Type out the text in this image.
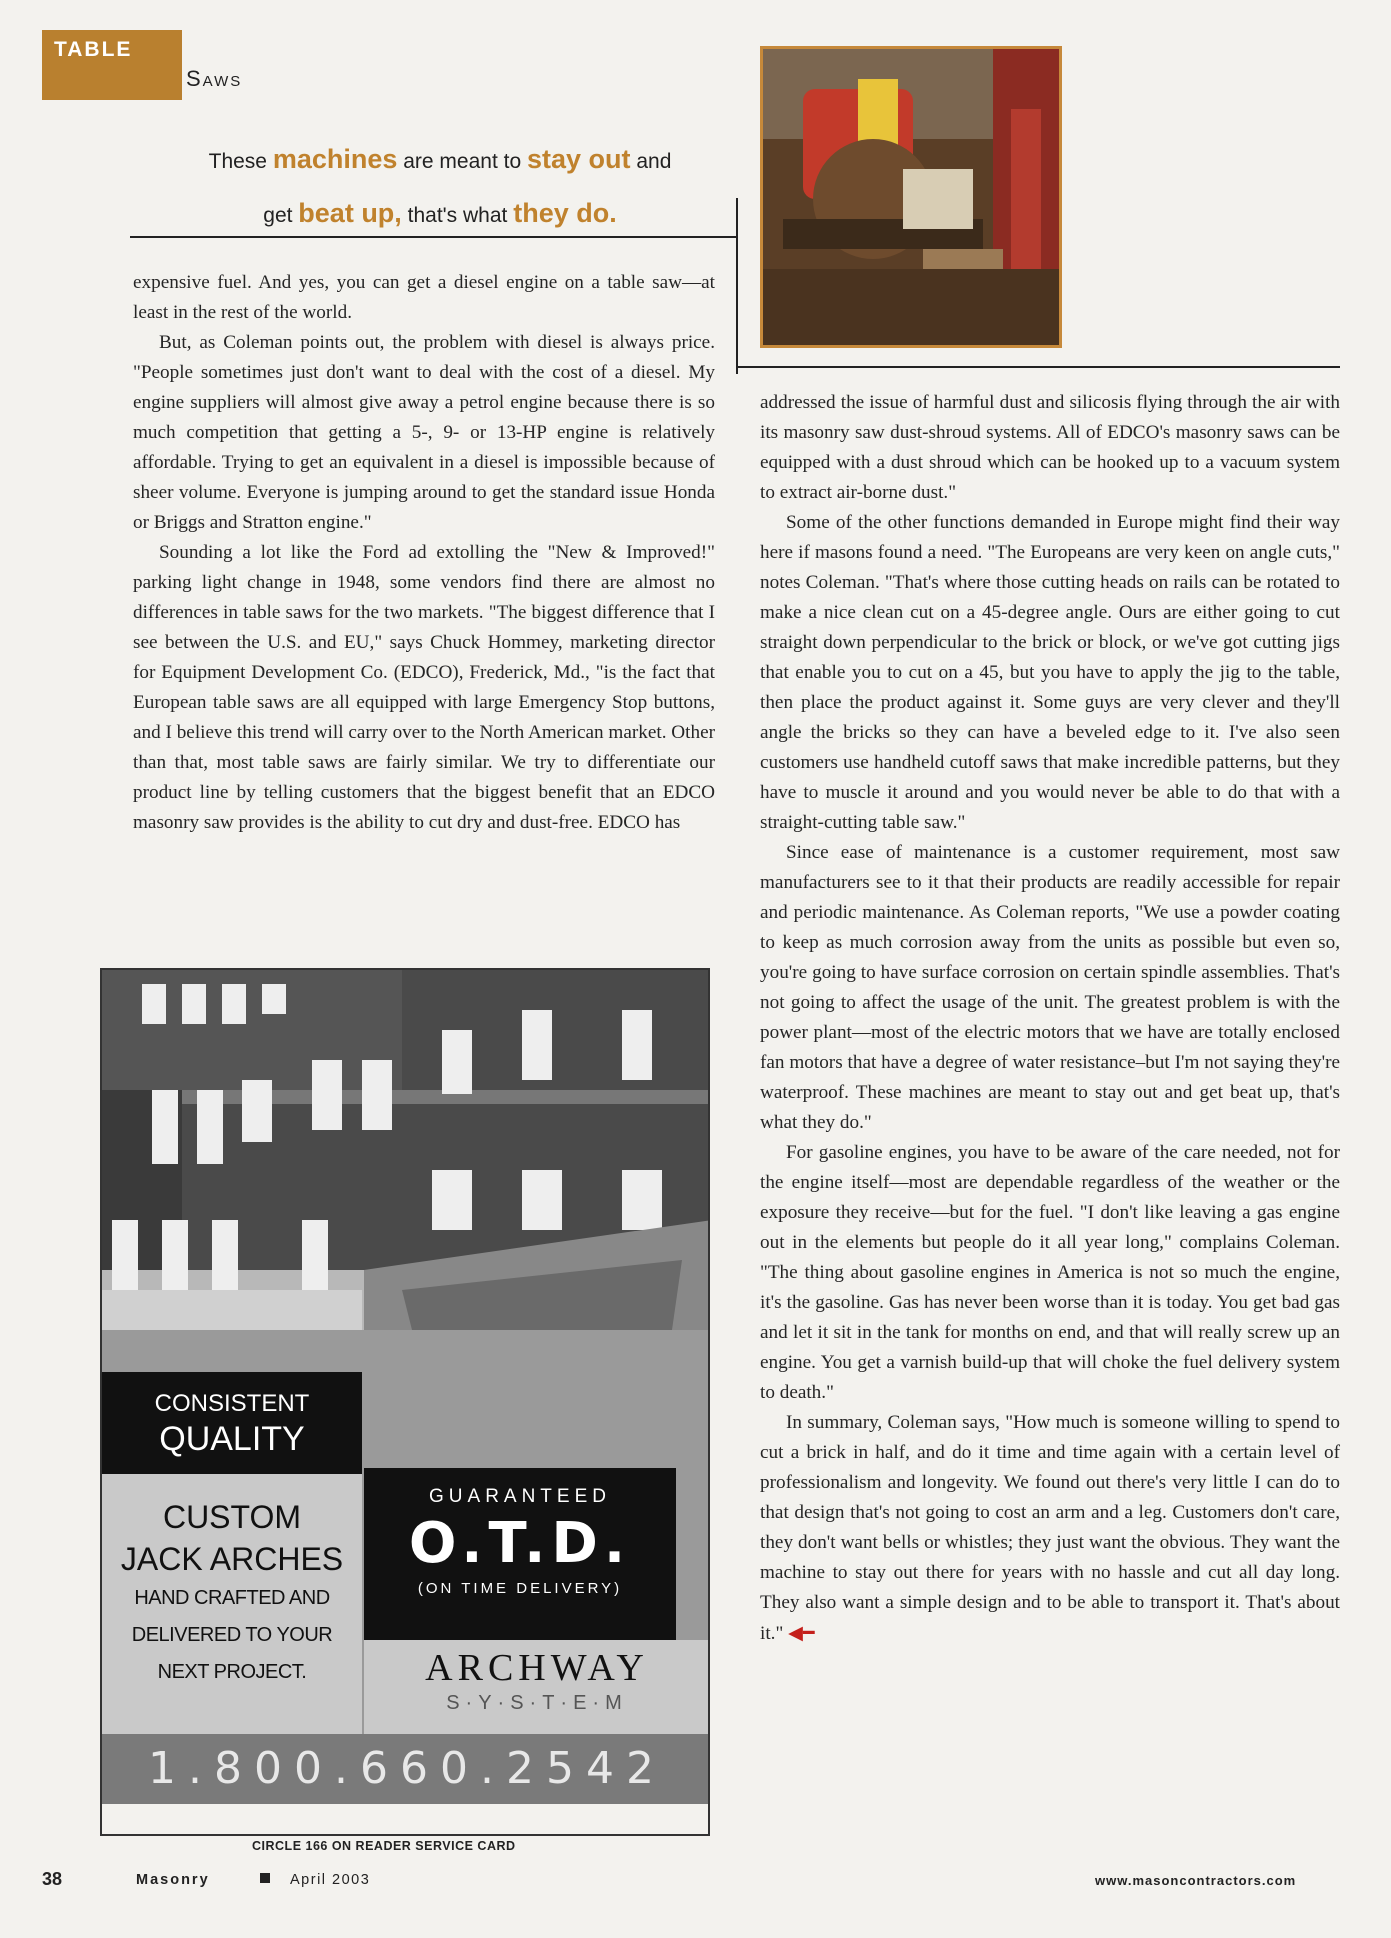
TABLE
Saws
These machines are meant to stay out and
get beat up, that's what they do.

expensive fuel. And yes, you can get a diesel engine on a table saw—at least in the rest of the world.

But, as Coleman points out, the problem with diesel is always price. "People sometimes just don't want to deal with the cost of a diesel. My engine suppliers will almost give away a petrol engine because there is so much competition that getting a 5-, 9- or 13-HP engine is relatively affordable. Trying to get an equivalent in a diesel is impossible because of sheer volume. Everyone is jumping around to get the standard issue Honda or Briggs and Stratton engine."

Sounding a lot like the Ford ad extolling the "New & Improved!" parking light change in 1948, some vendors find there are almost no differences in table saws for the two markets. "The biggest difference that I see between the U.S. and EU," says Chuck Hommey, marketing director for Equipment Development Co. (EDCO), Frederick, Md., "is the fact that European table saws are all equipped with large Emergency Stop buttons, and I believe this trend will carry over to the North American market. Other than that, most table saws are fairly similar. We try to differentiate our product line by telling customers that the biggest benefit that an EDCO masonry saw provides is the ability to cut dry and dust-free. EDCO has

addressed the issue of harmful dust and silicosis flying through the air with its masonry saw dust-shroud systems. All of EDCO's masonry saws can be equipped with a dust shroud which can be hooked up to a vacuum system to extract air-borne dust."

Some of the other functions demanded in Europe might find their way here if masons found a need. "The Europeans are very keen on angle cuts," notes Coleman. "That's where those cutting heads on rails can be rotated to make a nice clean cut on a 45-degree angle. Ours are either going to cut straight down perpendicular to the brick or block, or we've got cutting jigs that enable you to cut on a 45, but you have to apply the jig to the table, then place the product against it. Some guys are very clever and they'll angle the bricks so they can have a beveled edge to it. I've also seen customers use handheld cutoff saws that make incredible patterns, but they have to muscle it around and you would never be able to do that with a straight-cutting table saw."

Since ease of maintenance is a customer requirement, most saw manufacturers see to it that their products are readily accessible for repair and periodic maintenance. As Coleman reports, "We use a powder coating to keep as much corrosion away from the units as possible but even so, you're going to have surface corrosion on certain spindle assemblies. That's not going to affect the usage of the unit. The greatest problem is with the power plant—most of the electric motors that we have are totally enclosed fan motors that have a degree of water resistance–but I'm not saying they're waterproof. These machines are meant to stay out and get beat up, that's what they do."

For gasoline engines, you have to be aware of the care needed, not for the engine itself—most are dependable regardless of the weather or the exposure they receive—but for the fuel. "I don't like leaving a gas engine out in the elements but people do it all year long," complains Coleman. "The thing about gasoline engines in America is not so much the engine, it's the gasoline. Gas has never been worse than it is today. You get bad gas and let it sit in the tank for months on end, and that will really screw up an engine. You get a varnish build-up that will choke the fuel delivery system to death."

In summary, Coleman says, "How much is someone willing to spend to cut a brick in half, and do it time and time again with a certain level of professionalism and longevity. We found out there's very little I can do to that design that's not going to cost an arm and a leg. Customers don't care, they don't want bells or whistles; they just want the obvious. They want the machine to stay out there for years with no hassle and cut all day long. They also want a simple design and to be able to transport it. That's about it." ◀━

CONSISTENT
QUALITY
GUARANTEED
O.T.D.
(ON TIME DELIVERY)
CUSTOM
JACK ARCHES
HAND CRAFTED AND
DELIVERED TO YOUR
NEXT PROJECT.	ARCHWAY
S·Y·S·T·E·M
1.800.660.2542
CIRCLE 166 ON READER SERVICE CARD
38	Masonry	April 2003	www.masoncontractors.com
